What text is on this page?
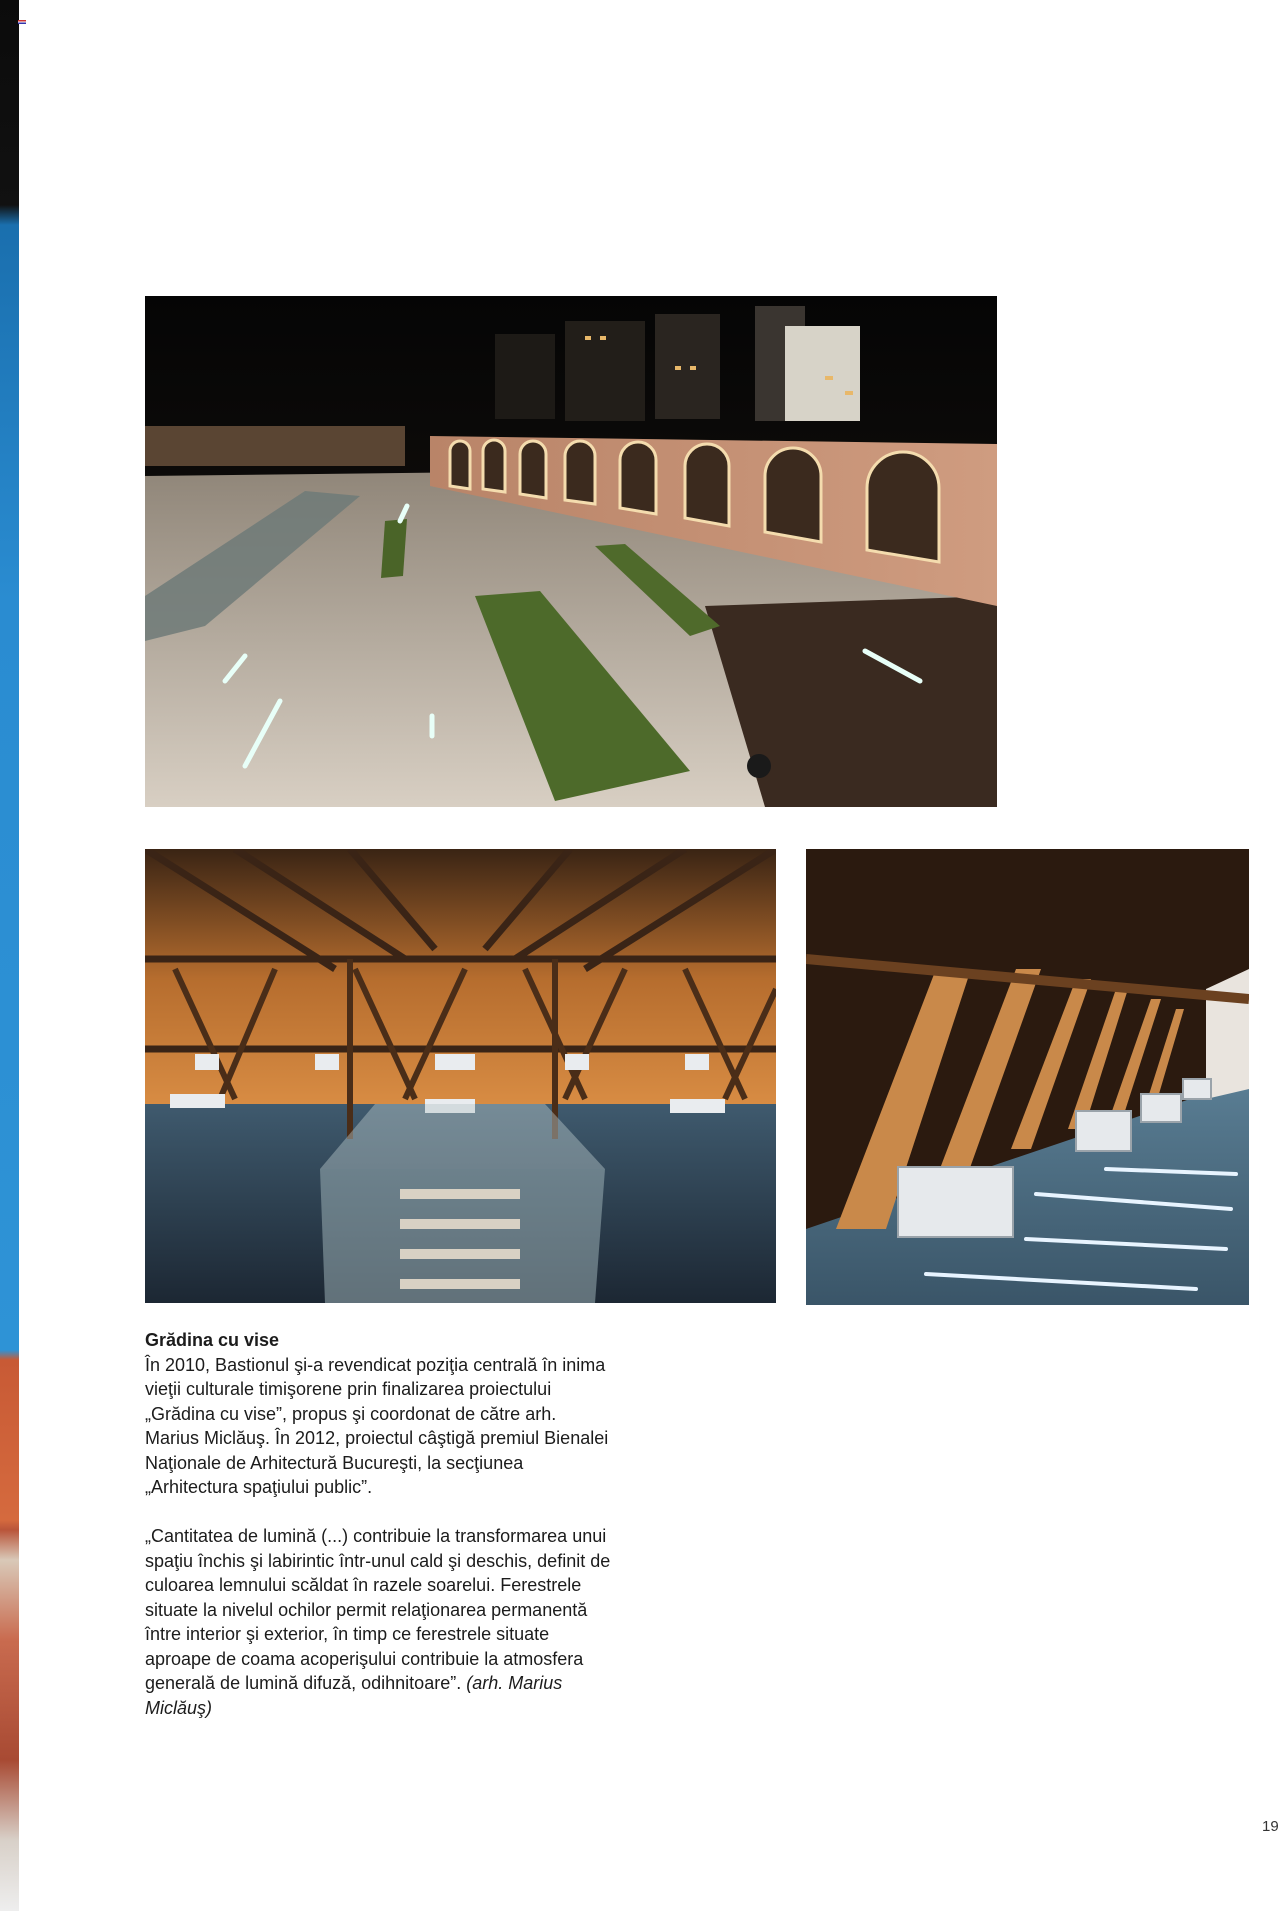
Grădina cu vise

În 2010, Bastionul şi-a revendicat poziţia centrală în inima vieţii culturale timişorene prin finalizarea proiectului „Grădina cu vise”, propus şi coordonat de către arh. Marius Miclăuş. În 2012, proiectul câştigă premiul Bienalei Naţionale de Arhitectură Bucureşti, la secţiunea „Arhitectura spaţiului public”.

„Cantitatea de lumină (...) contribuie la transformarea unui spaţiu închis şi labirintic într-unul cald şi deschis, definit de culoarea lemnului scăldat în razele soarelui. Ferestrele situate la nivelul ochilor permit relaţionarea permanentă între interior şi exterior, în timp ce ferestrele situate aproape de coama acoperişului contribuie la atmosfera generală de lumină difuză, odihnitoare”. (arh. Marius Miclăuş)

19
